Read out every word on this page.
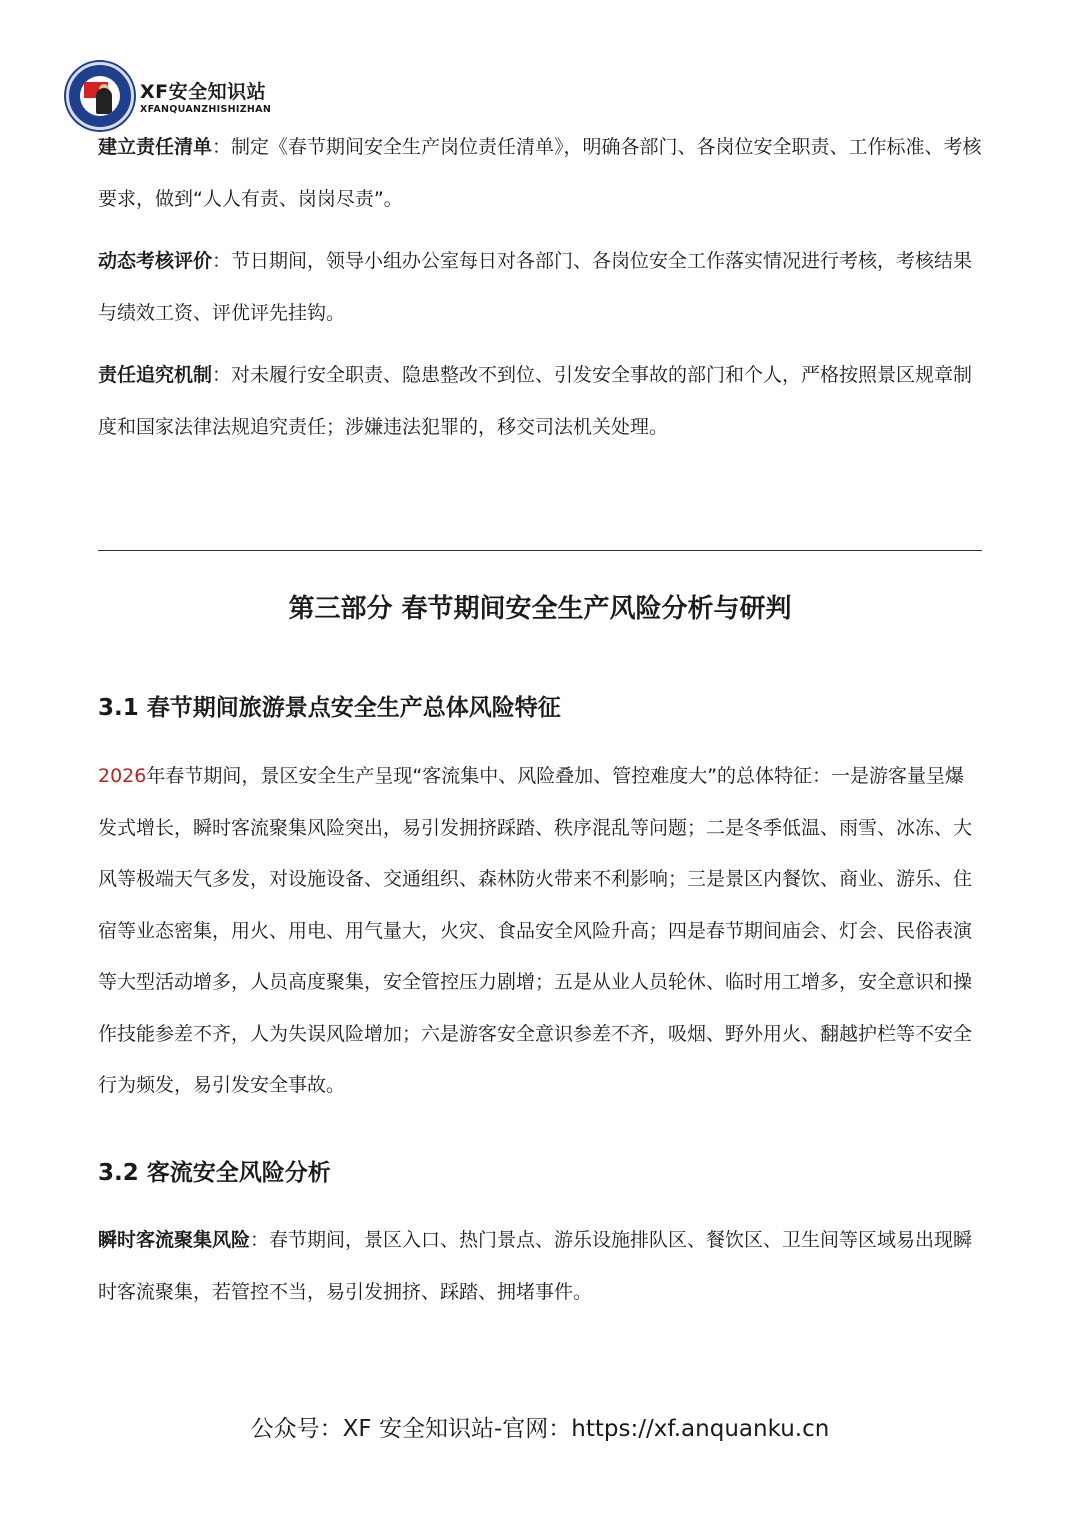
XF安全知识站
XFANQUANZHISHIZHAN

建立责任清单：制定《春节期间安全生产岗位责任清单》，明确各部门、各岗位安全职责、工作标准、考核要求，做到“人人有责、岗岗尽责”。

动态考核评价：节日期间，领导小组办公室每日对各部门、各岗位安全工作落实情况进行考核，考核结果与绩效工资、评优评先挂钩。

责任追究机制：对未履行安全职责、隐患整改不到位、引发安全事故的部门和个人，严格按照景区规章制度和国家法律法规追究责任；涉嫌违法犯罪的，移交司法机关处理。

第三部分 春节期间安全生产风险分析与研判
3.1 春节期间旅游景点安全生产总体风险特征

2026年春节期间，景区安全生产呈现“客流集中、风险叠加、管控难度大”的总体特征：一是游客量呈爆发式增长，瞬时客流聚集风险突出，易引发拥挤踩踏、秩序混乱等问题；二是冬季低温、雨雪、冰冻、大风等极端天气多发，对设施设备、交通组织、森林防火带来不利影响；三是景区内餐饮、商业、游乐、住宿等业态密集，用火、用电、用气量大，火灾、食品安全风险升高；四是春节期间庙会、灯会、民俗表演等大型活动增多，人员高度聚集，安全管控压力剧增；五是从业人员轮休、临时用工增多，安全意识和操作技能参差不齐，人为失误风险增加；六是游客安全意识参差不齐，吸烟、野外用火、翻越护栏等不安全行为频发，易引发安全事故。

3.2 客流安全风险分析

瞬时客流聚集风险：春节期间，景区入口、热门景点、游乐设施排队区、餐饮区、卫生间等区域易出现瞬时客流聚集，若管控不当，易引发拥挤、踩踏、拥堵事件。

公众号：XF 安全知识站-官网：https://xf.anquanku.cn
